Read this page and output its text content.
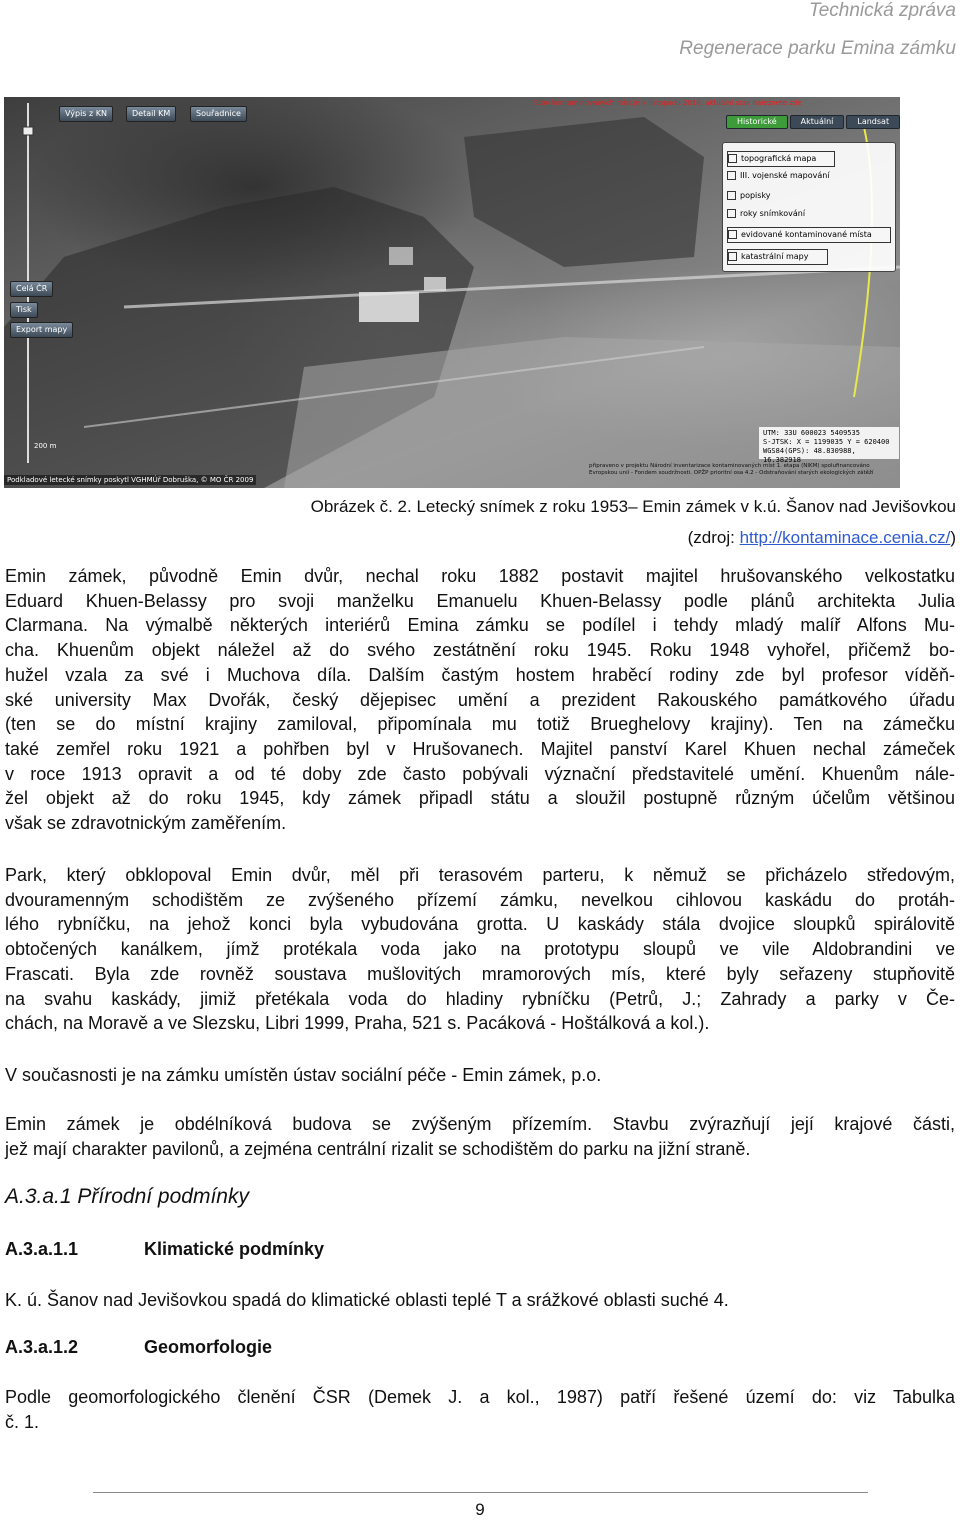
Technická zpráva
Regenerace parku Emina zámku
Výpis z KN	Detail KM	Souřadnice
Celá ČR
Tisk
Export mapy
Stav kontaminovaných míst je k listopadu 2010, aktuální stav naleznete zde
Historické	Aktuální	Landsat
topografická mapa
III. vojenské mapování
popisky
roky snímkování
evidované kontaminované místa
katastrální mapy
UTM: 33U 600023 5409535
S-JTSK: X = 1199035 Y = 620400
WGS84(GPS): 48.830988, 16.382918
200 m
připraveno v projektu Národní inventarizace kontaminovaných míst 1. etapa (NIKM) spolufinancováno Evropskou unií - Fondem soudržnosti. OPŽP prioritní osa 4.2 - Odstraňování starých ekologických zátěží
Podkladové letecké snímky poskytl VGHMÚř Dobruška, © MO ČR 2009
Obrázek č. 2. Letecký snímek z roku 1953– Emin zámek v k.ú. Šanov nad Jevišovkou
(zdroj: http://kontaminace.cenia.cz/)
Emin zámek, původně Emin dvůr, nechal roku 1882 postavit majitel hrušovanského velkostatku
Eduard Khuen-Belassy pro svoji manželku Emanuelu Khuen-Belassy podle plánů architekta Julia
Clarmana. Na výmalbě některých interiérů Emina zámku se podílel i tehdy mladý malíř Alfons Mu-
cha. Khuenům objekt náležel až do svého zestátnění roku 1945. Roku 1948 vyhořel, přičemž bo-
hužel vzala za své i Muchova díla. Dalším častým hostem hraběcí rodiny zde byl profesor víděň-
ské university Max Dvořák, český dějepisec umění a prezident Rakouského památkového úřadu
(ten se do místní krajiny zamiloval, připomínala mu totiž Brueghelovy krajiny). Ten na zámečku
také zemřel roku 1921 a pohřben byl v Hrušovanech. Majitel panství Karel Khuen nechal zámeček
v roce 1913 opravit a od té doby zde často pobývali význační představitelé umění. Khuenům nále-
žel objekt až do roku 1945, kdy zámek připadl státu a sloužil postupně různým účelům většinou
však se zdravotnickým zaměřením.
Park, který obklopoval Emin dvůr, měl při terasovém parteru, k němuž se přicházelo středovým,
dvouramenným schodištěm ze zvýšeného přízemí zámku, nevelkou cihlovou kaskádu do protáh-
lého rybníčku, na jehož konci byla vybudována grotta. U kaskády stála dvojice sloupků spirálovitě
obtočených kanálkem, jímž protékala voda jako na prototypu sloupů ve vile Aldobrandini ve
Frascati. Byla zde rovněž soustava mušlovitých mramorových mís, které byly seřazeny stupňovitě
na svahu kaskády, jimiž přetékala voda do hladiny rybníčku (Petrů, J.; Zahrady a parky v Če-
chách, na Moravě a ve Slezsku, Libri 1999, Praha, 521 s. Pacáková - Hoštálková a kol.).
V současnosti je na zámku umístěn ústav sociální péče - Emin zámek, p.o.
Emin zámek je obdélníková budova se zvýšeným přízemím. Stavbu zvýrazňují její krajové části,
jež mají charakter pavilonů, a zejména centrální rizalit se schodištěm do parku na jižní straně.
A.3.a.1 Přírodní podmínky
A.3.a.1.1	Klimatické podmínky
K. ú. Šanov nad Jevišovkou spadá do klimatické oblasti teplé T a srážkové oblasti suché 4.
A.3.a.1.2	Geomorfologie
Podle geomorfologického členění ČSR (Demek J. a kol., 1987) patří řešené území do: viz Tabulka
č. 1.
9
